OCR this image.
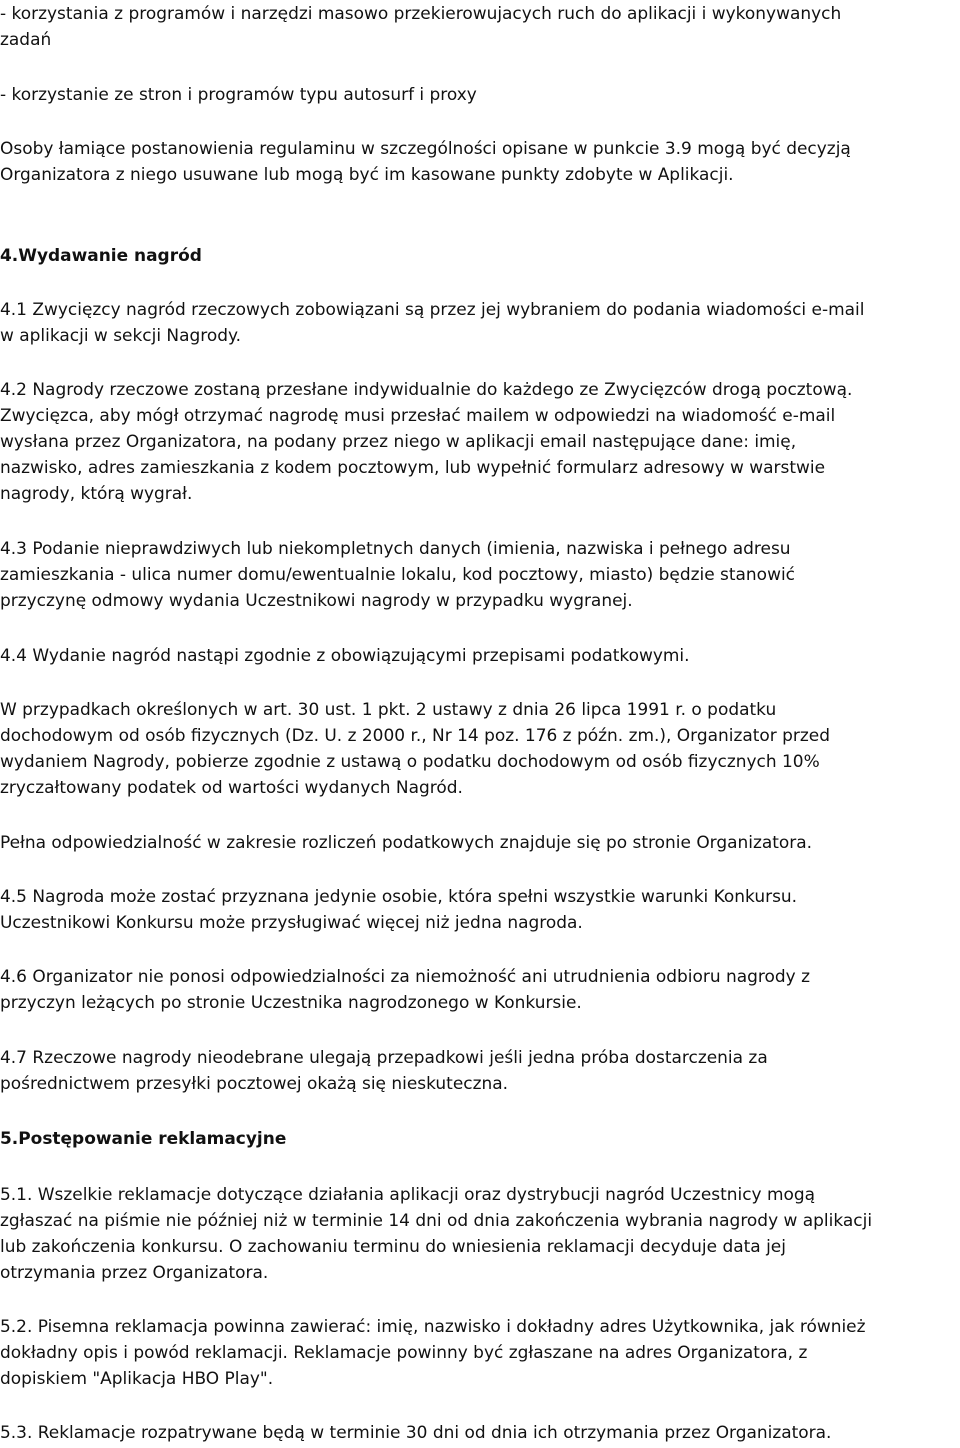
- korzystania z programów i narzędzi masowo przekierowujacych ruch do aplikacji i wykonywanych
zadań

- korzystanie ze stron i programów typu autosurf i proxy

Osoby łamiące postanowienia regulaminu w szczególności opisane w punkcie 3.9 mogą być decyzją
Organizatora z niego usuwane lub mogą być im kasowane punkty zdobyte w Aplikacji.

4.Wydawanie nagród

4.1 Zwycięzcy nagród rzeczowych zobowiązani są przez jej wybraniem do podania wiadomości e-mail
w aplikacji w sekcji Nagrody.

4.2 Nagrody rzeczowe zostaną przesłane indywidualnie do każdego ze Zwycięzców drogą pocztową.
Zwycięzca, aby mógł otrzymać nagrodę musi przesłać mailem w odpowiedzi na wiadomość e-mail
wysłana przez Organizatora, na podany przez niego w aplikacji email następujące dane: imię,
nazwisko, adres zamieszkania z kodem pocztowym, lub wypełnić formularz adresowy w warstwie
nagrody, którą wygrał.

4.3 Podanie nieprawdziwych lub niekompletnych danych (imienia, nazwiska i pełnego adresu
zamieszkania - ulica numer domu/ewentualnie lokalu, kod pocztowy, miasto) będzie stanowić
przyczynę odmowy wydania Uczestnikowi nagrody w przypadku wygranej.

4.4 Wydanie nagród nastąpi zgodnie z obowiązującymi przepisami podatkowymi.

W przypadkach określonych w art. 30 ust. 1 pkt. 2 ustawy z dnia 26 lipca 1991 r. o podatku
dochodowym od osób fizycznych (Dz. U. z 2000 r., Nr 14 poz. 176 z późn. zm.), Organizator przed
wydaniem Nagrody, pobierze zgodnie z ustawą o podatku dochodowym od osób fizycznych 10%
zryczałtowany podatek od wartości wydanych Nagród.

Pełna odpowiedzialność w zakresie rozliczeń podatkowych znajduje się po stronie Organizatora.

4.5 Nagroda może zostać przyznana jedynie osobie, która spełni wszystkie warunki Konkursu.
Uczestnikowi Konkursu może przysługiwać więcej niż jedna nagroda.

4.6 Organizator nie ponosi odpowiedzialności za niemożność ani utrudnienia odbioru nagrody z
przyczyn leżących po stronie Uczestnika nagrodzonego w Konkursie.

4.7 Rzeczowe nagrody nieodebrane ulegają przepadkowi jeśli jedna próba dostarczenia za
pośrednictwem przesyłki pocztowej okażą się nieskuteczna.

5.Postępowanie reklamacyjne

5.1. Wszelkie reklamacje dotyczące działania aplikacji oraz dystrybucji nagród Uczestnicy mogą
zgłaszać na piśmie nie później niż w terminie 14 dni od dnia zakończenia wybrania nagrody w aplikacji
lub zakończenia konkursu. O zachowaniu terminu do wniesienia reklamacji decyduje data jej
otrzymania przez Organizatora.

5.2. Pisemna reklamacja powinna zawierać: imię, nazwisko i dokładny adres Użytkownika, jak również
dokładny opis i powód reklamacji. Reklamacje powinny być zgłaszane na adres Organizatora, z
dopiskiem "Aplikacja HBO Play".

5.3. Reklamacje rozpatrywane będą w terminie 30 dni od dnia ich otrzymania przez Organizatora.
